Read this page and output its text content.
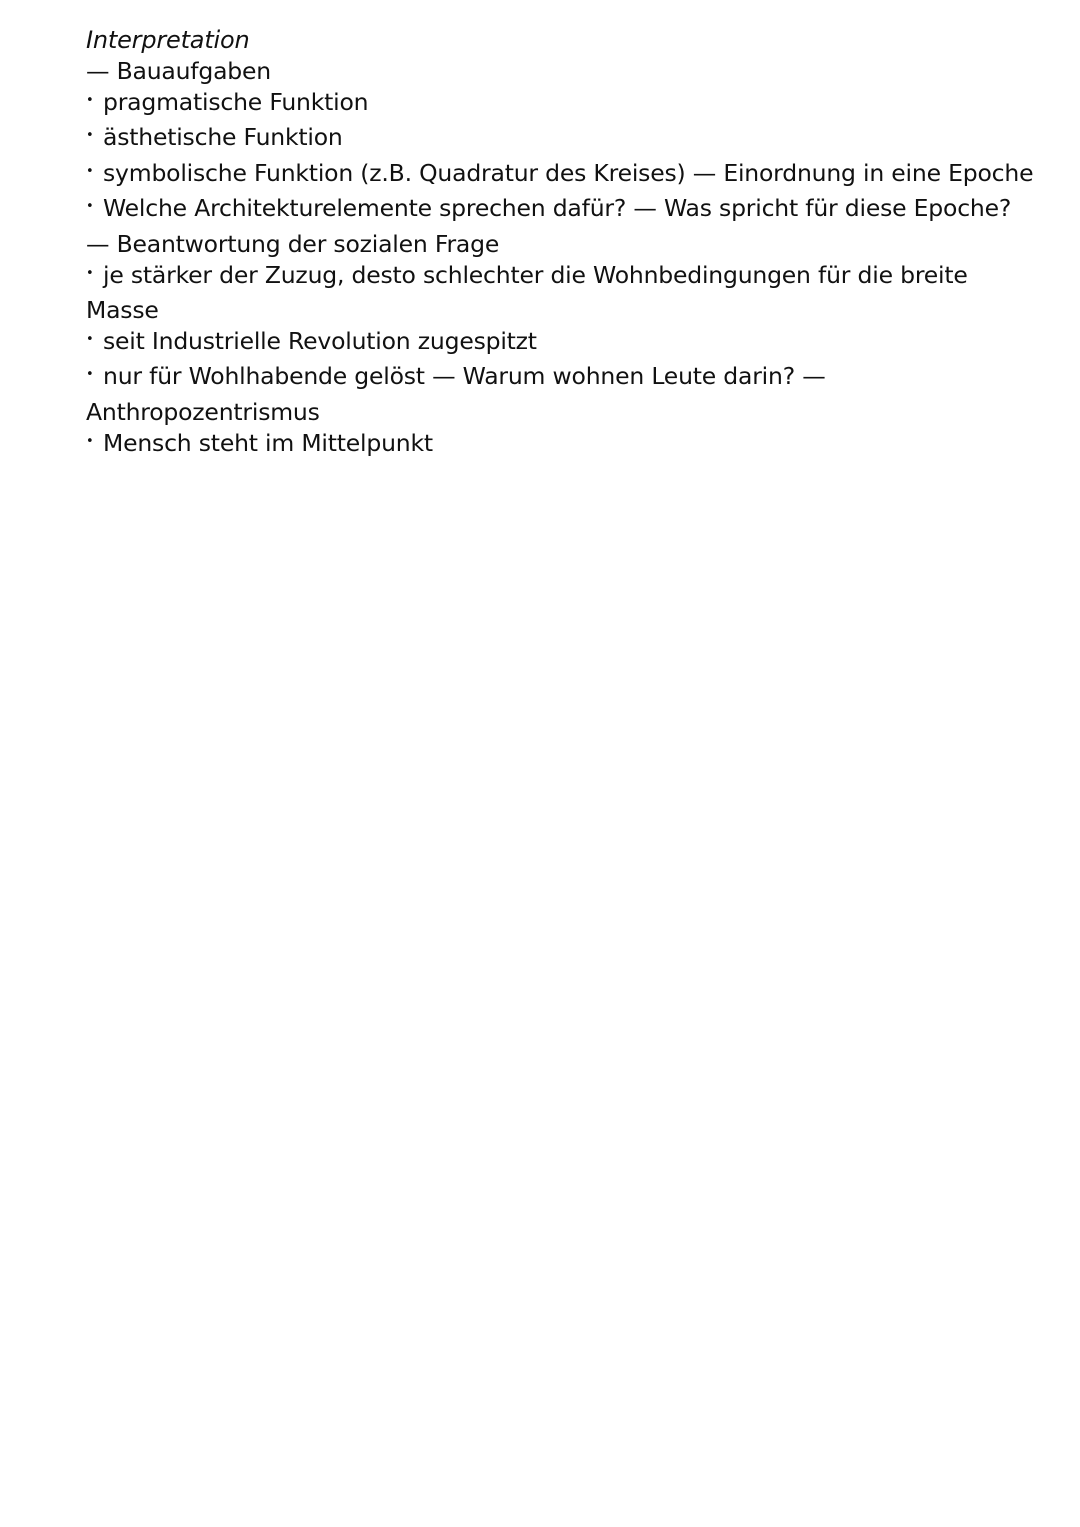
Interpretation

— Bauaufgaben

• pragmatische Funktion

• ästhetische Funktion

• symbolische Funktion (z.B. Quadratur des Kreises) — Einordnung in eine Epoche

• Welche Architekturelemente sprechen dafür? — Was spricht für diese Epoche?

— Beantwortung der sozialen Frage

• je stärker der Zuzug, desto schlechter die Wohnbedingungen für die breite Masse

• seit Industrielle Revolution zugespitzt

• nur für Wohlhabende gelöst — Warum wohnen Leute darin? — Anthropozentrismus

• Mensch steht im Mittelpunkt
